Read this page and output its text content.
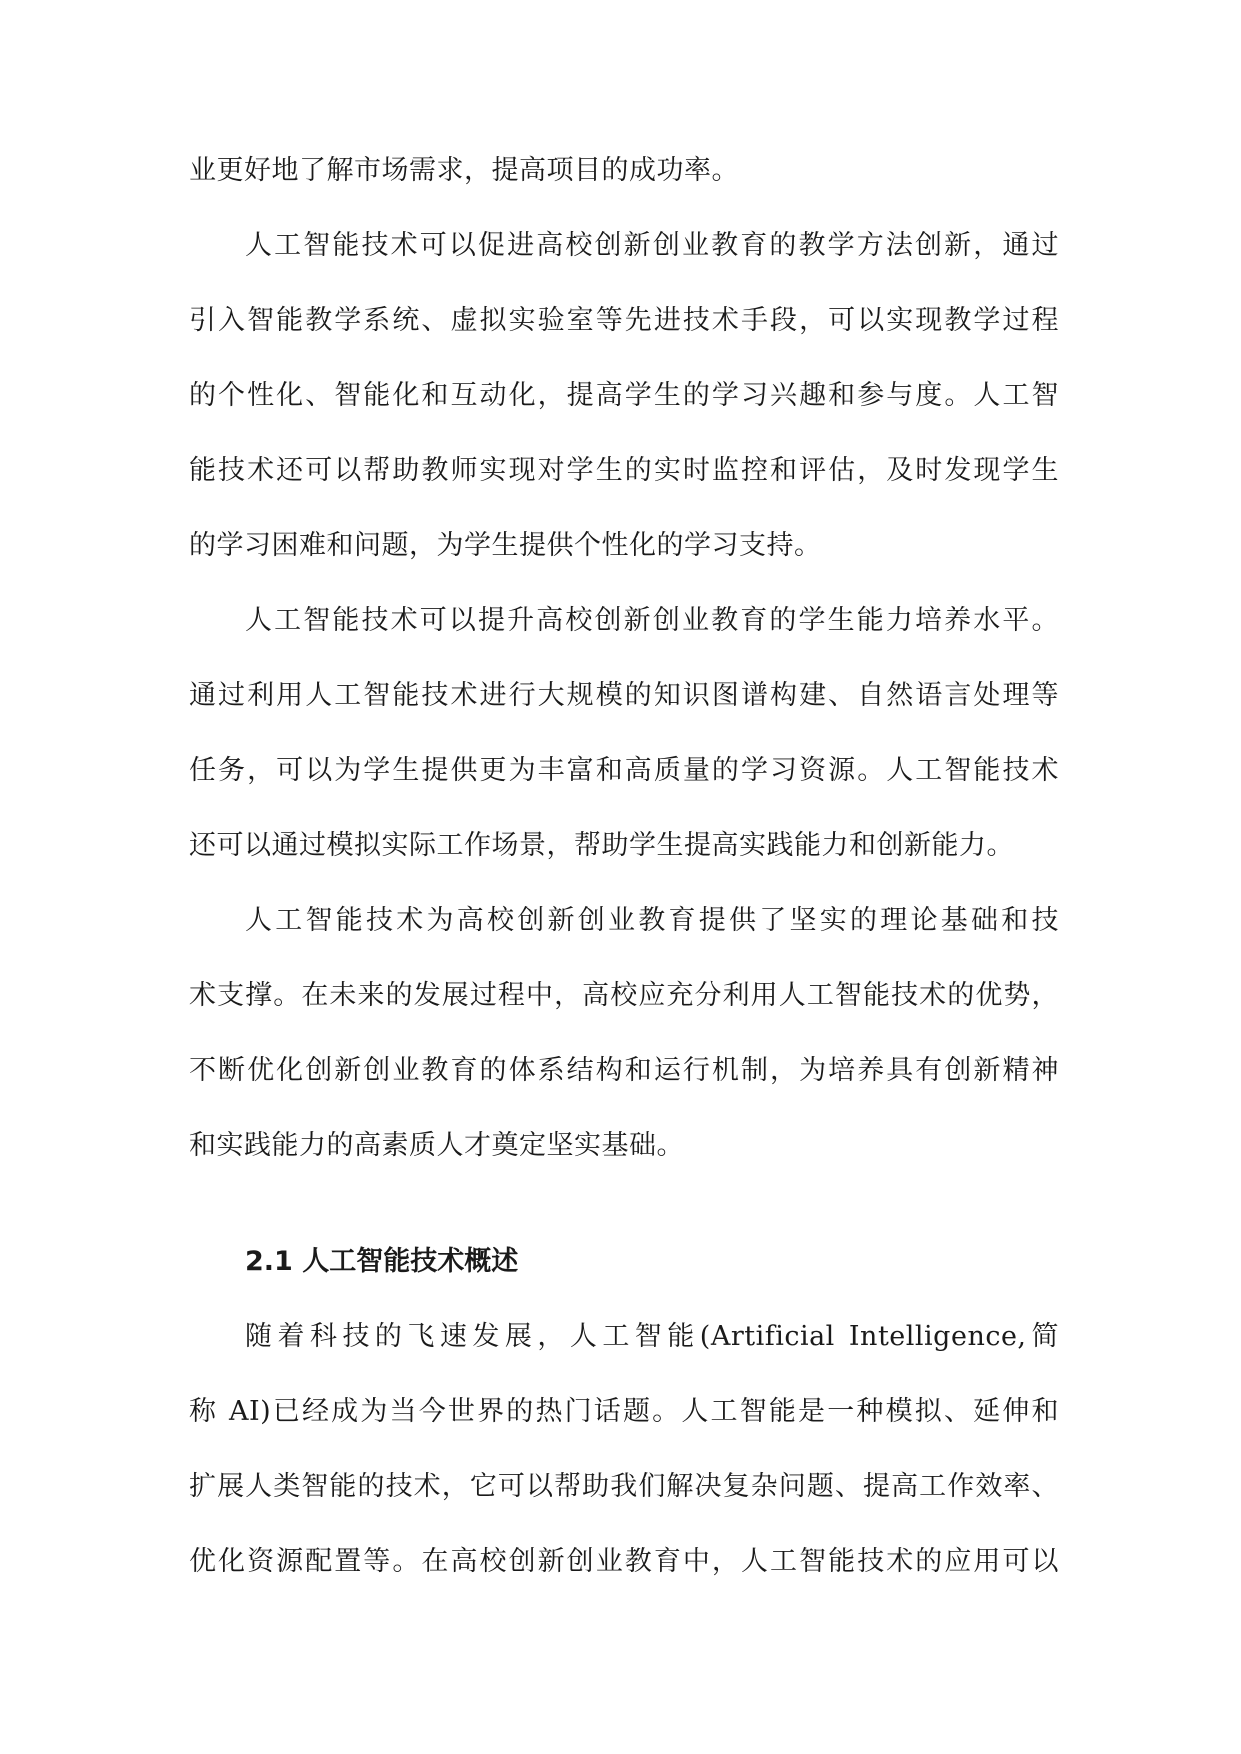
业更好地了解市场需求，提高项目的成功率。
人工智能技术可以促进高校创新创业教育的教学方法创新，通过
引入智能教学系统、虚拟实验室等先进技术手段，可以实现教学过程
的个性化、智能化和互动化，提高学生的学习兴趣和参与度。人工智
能技术还可以帮助教师实现对学生的实时监控和评估，及时发现学生
的学习困难和问题，为学生提供个性化的学习支持。
人工智能技术可以提升高校创新创业教育的学生能力培养水平。
通过利用人工智能技术进行大规模的知识图谱构建、自然语言处理等
任务，可以为学生提供更为丰富和高质量的学习资源。人工智能技术
还可以通过模拟实际工作场景，帮助学生提高实践能力和创新能力。
人工智能技术为高校创新创业教育提供了坚实的理论基础和技
术支撑。在未来的发展过程中，高校应充分利用人工智能技术的优势，
不断优化创新创业教育的体系结构和运行机制，为培养具有创新精神
和实践能力的高素质人才奠定坚实基础。
2.1 人工智能技术概述
随着科技的飞速发展，人工智能(Artificial Intelligence,简
称 AI)已经成为当今世界的热门话题。人工智能是一种模拟、延伸和
扩展人类智能的技术，它可以帮助我们解决复杂问题、提高工作效率、
优化资源配置等。在高校创新创业教育中，人工智能技术的应用可以
